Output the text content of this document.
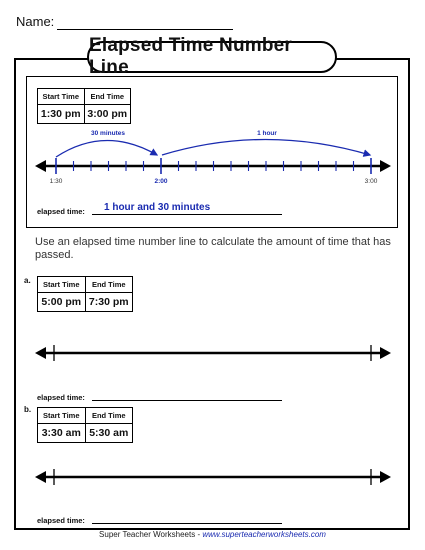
Name:
Elapsed Time Number Line
Start Time	End Time
1:30 pm	3:00 pm
30 minutes	1 hour
1:30	2:00	3:00
elapsed time: 1 hour and 30 minutes
Use an elapsed time number line to calculate the amount of time that has passed.
a. Start Time	End Time
5:00 pm	7:30 pm
elapsed time:
b.
Start Time	End Time
3:30 am	5:30 am
elapsed time:
Super Teacher Worksheets - www.superteacherworksheets.com
